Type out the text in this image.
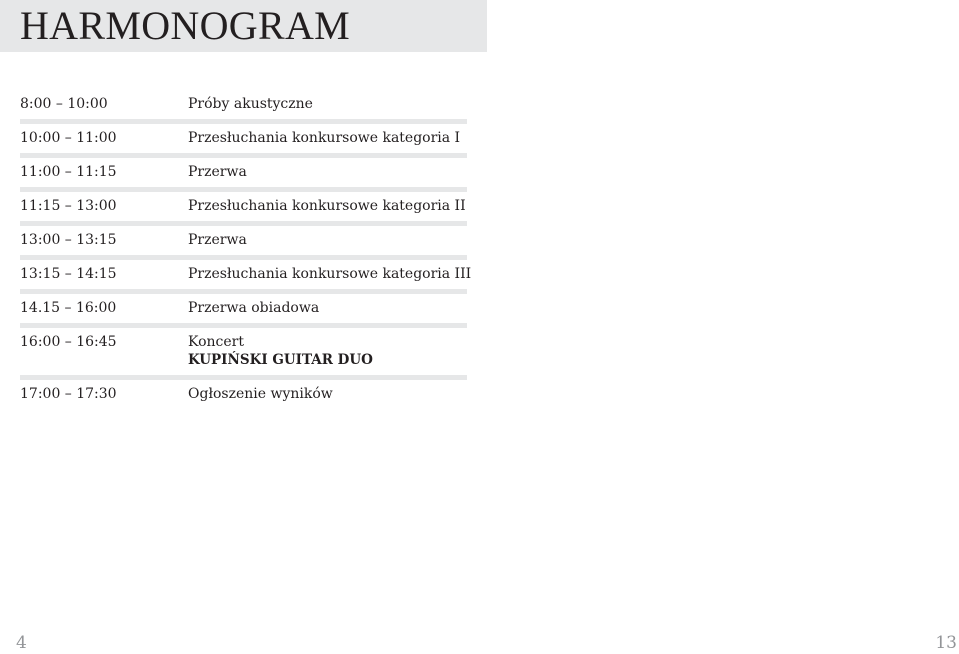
HARMONOGRAM
8:00 – 10:00	Próby akustyczne
10:00 – 11:00	Przesłuchania konkursowe kategoria I
11:00 – 11:15	Przerwa
11:15 – 13:00	Przesłuchania konkursowe kategoria II
13:00 – 13:15	Przerwa
13:15 – 14:15	Przesłuchania konkursowe kategoria III
14.15 – 16:00	Przerwa obiadowa
16:00 – 16:45	Koncert
KUPIŃSKI GUITAR DUO
17:00 – 17:30	Ogłoszenie wyników
4	13
